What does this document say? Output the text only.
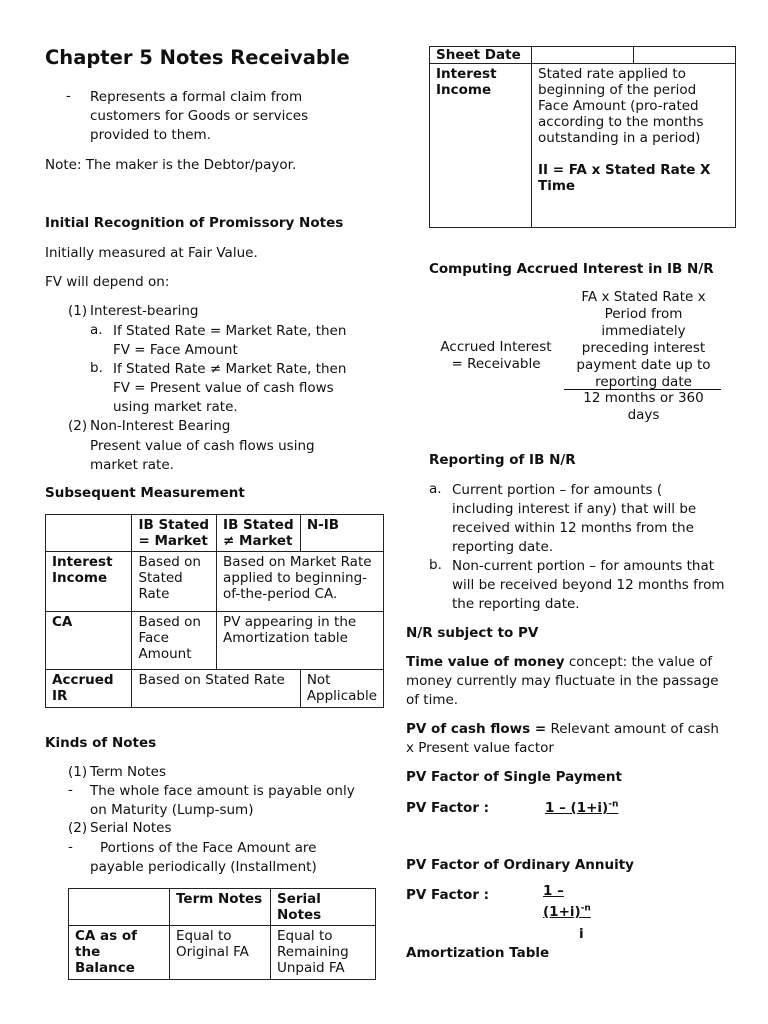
Chapter 5 Notes Receivable
- Represents a formal claim from customers for Goods or services provided to them.
Note: The maker is the Debtor/payor.
Initial Recognition of Promissory Notes
Initially measured at Fair Value.
FV will depend on:
(1) Interest-bearing
a. If Stated Rate = Market Rate, then FV = Face Amount
b. If Stated Rate ≠ Market Rate, then FV = Present value of cash flows using market rate.
(2) Non-Interest Bearing
Present value of cash flows using market rate.
Subsequent Measurement
	IB Stated = Market	IB Stated ≠ Market	N-IB
Interest Income	Based on Stated Rate	Based on Market Rate applied to beginning-of-the-period CA.	
CA	Based on Face Amount	PV appearing in the Amortization table	
Accrued IR	Based on Stated Rate		Not Applicable
Kinds of Notes
(1) Term Notes
- The whole face amount is payable only on Maturity (Lump-sum)
(2) Serial Notes
-	Portions of the Face Amount are payable periodically (Installment)
	Term Notes	Serial Notes
CA as of the Balance	Equal to Original FA	Equal to Remaining Unpaid FA
Sheet Date		
Interest Income	Stated rate applied to beginning of the period Face Amount (pro-rated according to the months outstanding in a period)
II = FA x Stated Rate X Time	
Computing Accrued Interest in IB N/R
Accrued Interest = Receivable
FA x Stated Rate x Period from immediately preceding interest payment date up to reporting date
12 months or 360 days
Reporting of IB N/R
a. Current portion – for amounts ( including interest if any) that will be received within 12 months from the reporting date.
b. Non-current portion – for amounts that will be received beyond 12 months from the reporting date.
N/R subject to PV
Time value of money concept: the value of money currently may fluctuate in the passage of time.
PV of cash flows = Relevant amount of cash x Present value factor
PV Factor of Single Payment
PV Factor :	$1 - (1+i)^{-n}$
PV Factor of Ordinary Annuity
PV Factor :	1 –
$(1+i)^{-n}$
i
Amortization Table
